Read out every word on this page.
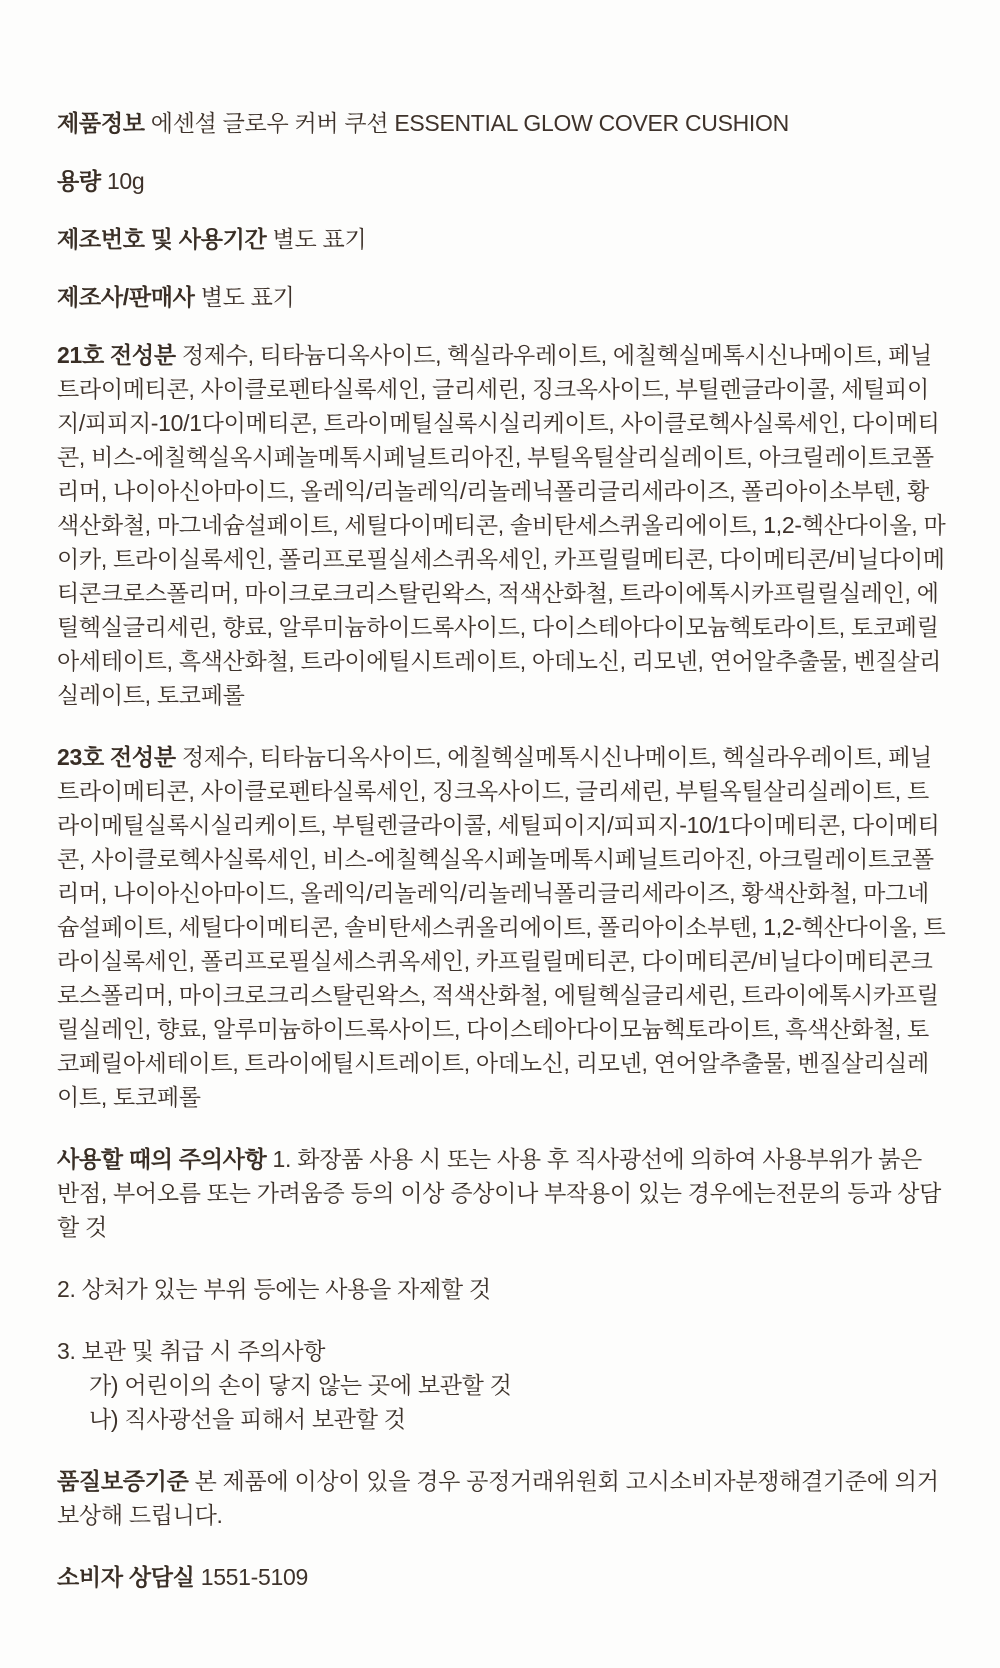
제품정보 에센셜 글로우 커버 쿠션 ESSENTIAL GLOW COVER CUSHION

용량 10g

제조번호 및 사용기간 별도 표기

제조사/판매사 별도 표기

21호 전성분 정제수, 티타늄디옥사이드, 헥실라우레이트, 에칠헥실메톡시신나메이트, 페닐트라이메티콘, 사이클로펜타실록세인, 글리세린, 징크옥사이드, 부틸렌글라이콜, 세틸피이지/피피지-10/1다이메티콘, 트라이메틸실록시실리케이트, 사이클로헥사실록세인, 다이메티콘, 비스-에칠헥실옥시페놀메톡시페닐트리아진, 부틸옥틸살리실레이트, 아크릴레이트코폴리머, 나이아신아마이드, 올레익/리놀레익/리놀레닉폴리글리세라이즈, 폴리아이소부텐, 황색산화철, 마그네슘설페이트, 세틸다이메티콘, 솔비탄세스퀴올리에이트, 1,2-헥산다이올, 마이카, 트라이실록세인, 폴리프로필실세스퀴옥세인, 카프릴릴메티콘, 다이메티콘/비닐다이메티콘크로스폴리머, 마이크로크리스탈린왁스, 적색산화철, 트라이에톡시카프릴릴실레인, 에틸헥실글리세린, 향료, 알루미늄하이드록사이드, 다이스테아다이모늄헥토라이트, 토코페릴아세테이트, 흑색산화철, 트라이에틸시트레이트, 아데노신, 리모넨, 연어알추출물, 벤질살리실레이트, 토코페롤

23호 전성분 정제수, 티타늄디옥사이드, 에칠헥실메톡시신나메이트, 헥실라우레이트, 페닐트라이메티콘, 사이클로펜타실록세인, 징크옥사이드, 글리세린, 부틸옥틸살리실레이트, 트라이메틸실록시실리케이트, 부틸렌글라이콜, 세틸피이지/피피지-10/1다이메티콘, 다이메티콘, 사이클로헥사실록세인, 비스-에칠헥실옥시페놀메톡시페닐트리아진, 아크릴레이트코폴리머, 나이아신아마이드, 올레익/리놀레익/리놀레닉폴리글리세라이즈, 황색산화철, 마그네슘설페이트, 세틸다이메티콘, 솔비탄세스퀴올리에이트, 폴리아이소부텐, 1,2-헥산다이올, 트라이실록세인, 폴리프로필실세스퀴옥세인, 카프릴릴메티콘, 다이메티콘/비닐다이메티콘크로스폴리머, 마이크로크리스탈린왁스, 적색산화철, 에틸헥실글리세린, 트라이에톡시카프릴릴실레인, 향료, 알루미늄하이드록사이드, 다이스테아다이모늄헥토라이트, 흑색산화철, 토코페릴아세테이트, 트라이에틸시트레이트, 아데노신, 리모넨, 연어알추출물, 벤질살리실레이트, 토코페롤

사용할 때의 주의사항 1. 화장품 사용 시 또는 사용 후 직사광선에 의하여 사용부위가 붉은 반점, 부어오름 또는 가려움증 등의 이상 증상이나 부작용이 있는 경우에는전문의 등과 상담할 것

2. 상처가 있는 부위 등에는 사용을 자제할 것

3. 보관 및 취급 시 주의사항
가) 어린이의 손이 닿지 않는 곳에 보관할 것
나) 직사광선을 피해서 보관할 것

품질보증기준 본 제품에 이상이 있을 경우 공정거래위원회 고시소비자분쟁해결기준에 의거 보상해 드립니다.

소비자 상담실 1551-5109
